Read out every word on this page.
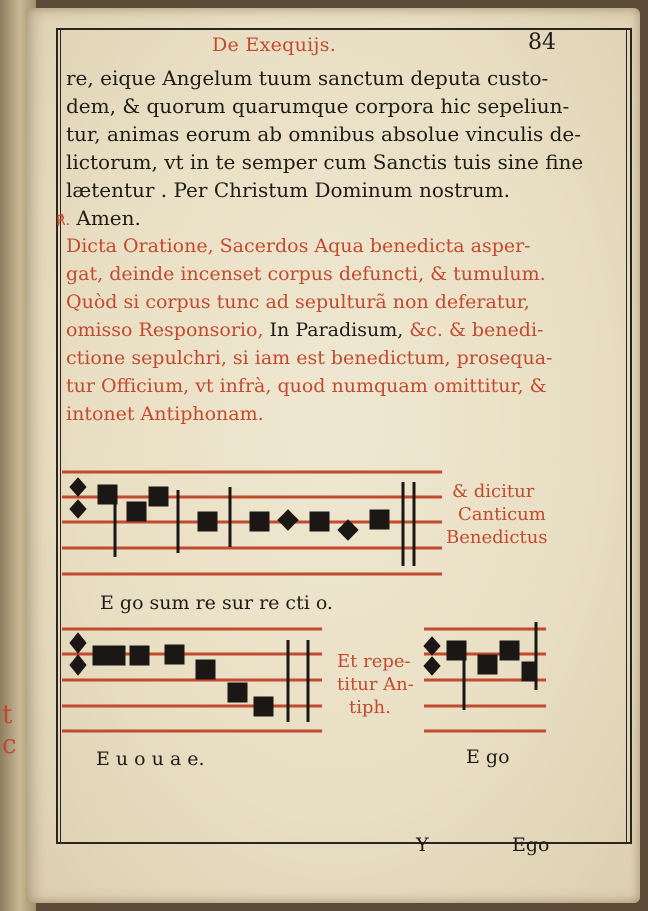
t
c
De Exequijs.	84
re, eique Angelum tuum sanctum deputa custo-
dem, & quorum quarumque corpora hic sepeliun-
tur, animas eorum ab omnibus absolue vinculis de-
lictorum, vt in te semper cum Sanctis tuis sine fine
lætentur . Per Christum Dominum nostrum.
℟. Amen.
Dicta Oratione, Sacerdos Aqua benedicta asper-
gat, deinde incenset corpus defuncti, & tumulum.
Quòd si corpus tunc ad sepulturã non deferatur,
omisso Responsorio, In Paradisum, &c. & benedi-
ctione sepulchri, si iam est benedictum, prosequa-
tur Officium, vt infrà, quod numquam omittitur, &
intonet Antiphonam.
& dicitur
Canticum
Benedictus
E go sum re sur re cti o.
Et repe-
titur An-
tiph.
E u o u a e.	E go
Y	Ego
